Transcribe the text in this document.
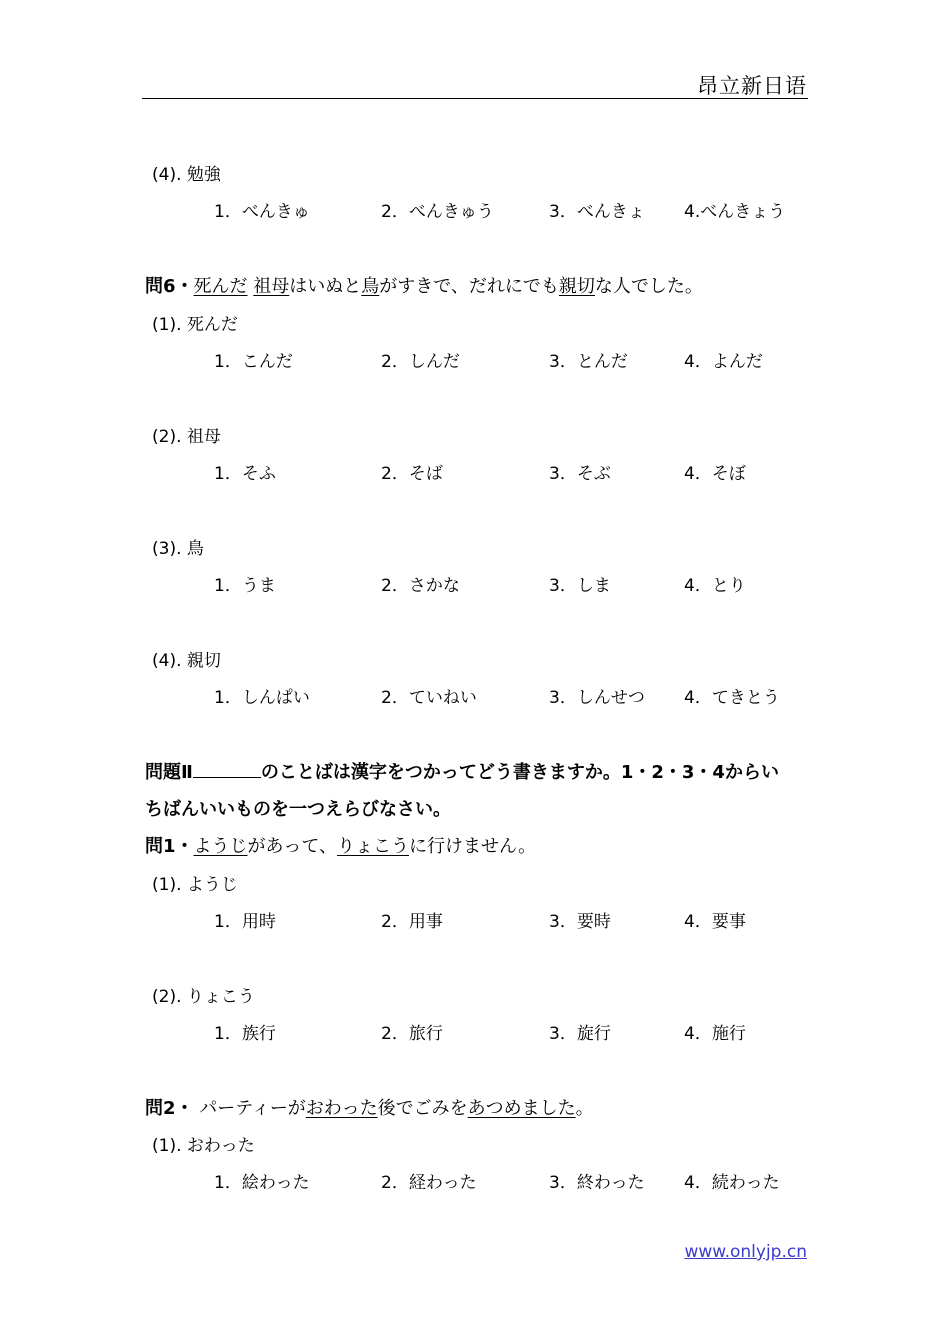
昂立新日语
(4). 勉強
1．べんきゅ	2．べんきゅう	3．べんきょ 4.べんきょう
問6・死んだ 祖母はいぬと鳥がすきで、だれにでも親切な人でした。
(1). 死んだ
1．こんだ	2．しんだ	3．とんだ	4．よんだ
(2). 祖母
1．そふ	2．そば	3．そぶ	4．そぼ
(3). 鳥
1．うま	2．さかな	3．しま	4．とり
(4). 親切
1．しんぱい	2．ていねい	3．しんせつ 4．てきとう
問題Ⅱ	のことばは漢字をつかってどう書きますか。1・2・3・4からい
ちばんいいものを一つえらびなさい。
問1・ようじがあって、りょこうに行けません。
(1). ようじ
1．用時	2．用事	3．要時	4．要事
(2). りょこう
1．族行	2．旅行	3．旋行	4．施行
問2・ パーティーがおわった後でごみをあつめました。
(1). おわった
1．絵わった	2．経わった	3．終わった 4．続わった
www.onlyjp.cn
